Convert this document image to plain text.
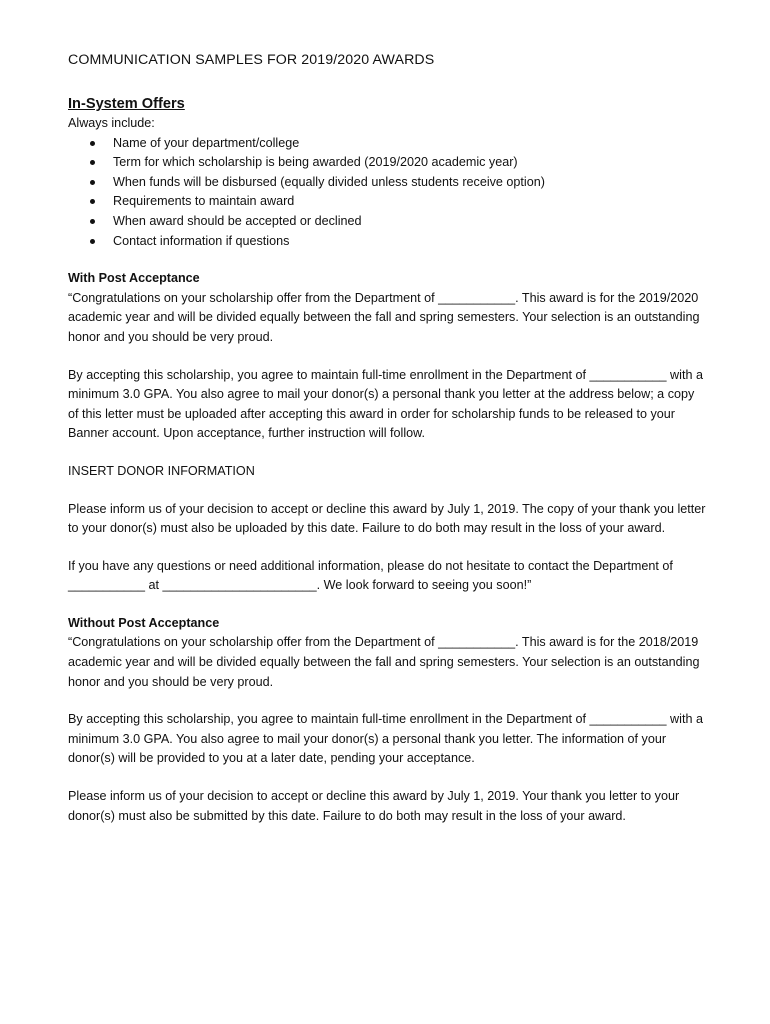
COMMUNICATION SAMPLES FOR 2019/2020 AWARDS
In-System Offers
Always include:
Name of your department/college
Term for which scholarship is being awarded (2019/2020 academic year)
When funds will be disbursed (equally divided unless students receive option)
Requirements to maintain award
When award should be accepted or declined
Contact information if questions
With Post Acceptance

“Congratulations on your scholarship offer from the Department of ___________. This award is for the 2019/2020 academic year and will be divided equally between the fall and spring semesters. Your selection is an outstanding honor and you should be very proud.

By accepting this scholarship, you agree to maintain full-time enrollment in the Department of ___________ with a minimum 3.0 GPA. You also agree to mail your donor(s) a personal thank you letter at the address below; a copy of this letter must be uploaded after accepting this award in order for scholarship funds to be released to your Banner account. Upon acceptance, further instruction will follow.

INSERT DONOR INFORMATION

Please inform us of your decision to accept or decline this award by July 1, 2019. The copy of your thank you letter to your donor(s) must also be uploaded by this date. Failure to do both may result in the loss of your award.

If you have any questions or need additional information, please do not hesitate to contact the Department of ___________ at ______________________. We look forward to seeing you soon!”

Without Post Acceptance

“Congratulations on your scholarship offer from the Department of ___________. This award is for the 2018/2019 academic year and will be divided equally between the fall and spring semesters. Your selection is an outstanding honor and you should be very proud.

By accepting this scholarship, you agree to maintain full-time enrollment in the Department of ___________ with a minimum 3.0 GPA. You also agree to mail your donor(s) a personal thank you letter. The information of your donor(s) will be provided to you at a later date, pending your acceptance.

Please inform us of your decision to accept or decline this award by July 1, 2019. Your thank you letter to your donor(s) must also be submitted by this date. Failure to do both may result in the loss of your award.
